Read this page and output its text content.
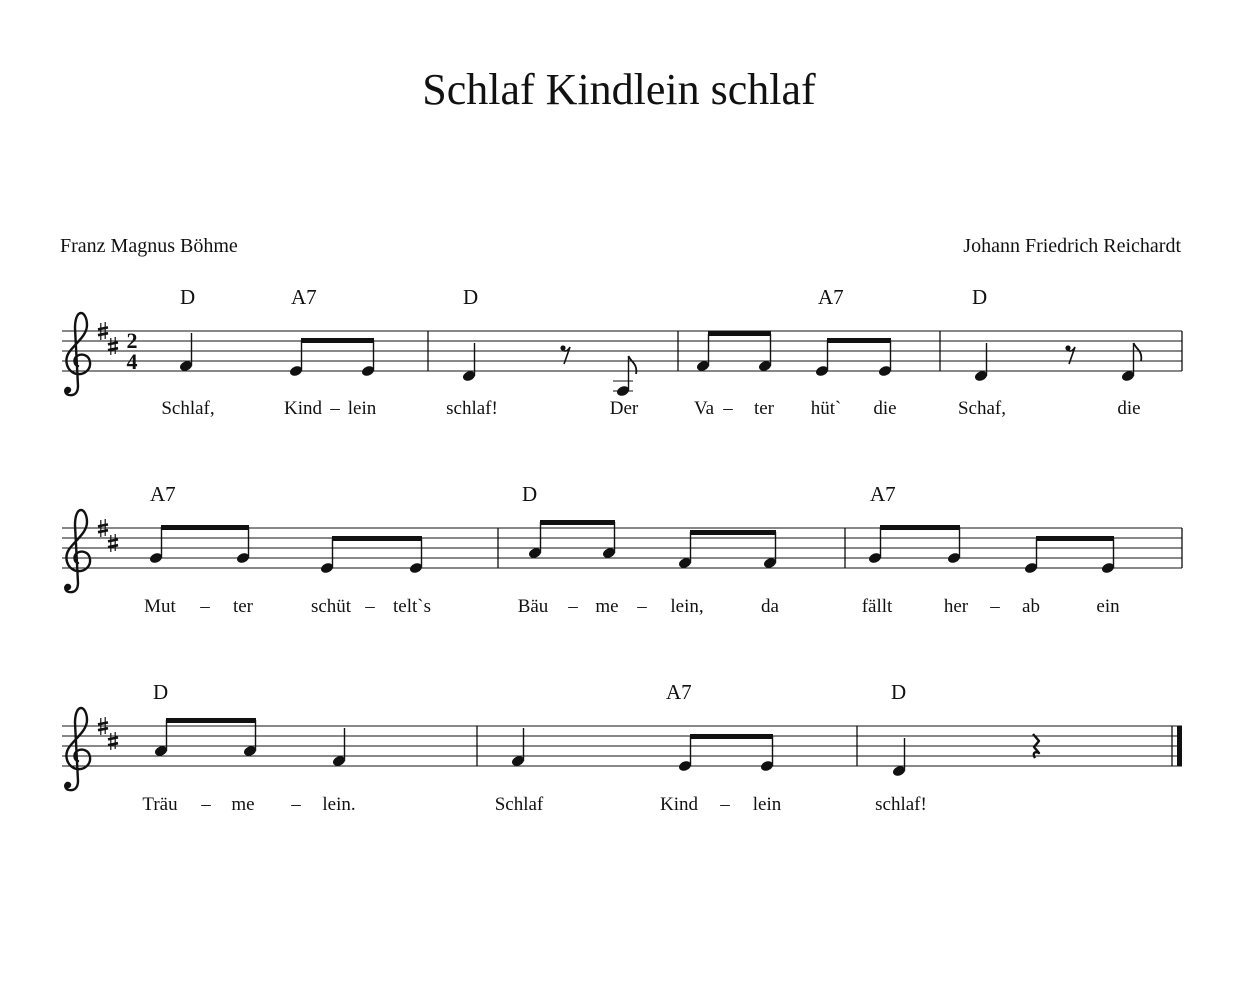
Schlaf Kindlein schlaf
Franz Magnus Böhme	Johann Friedrich Reichardt
2
4
D	A7	D	A7	D
Schlaf,	Kind – lein	schlaf!	Der	Va – ter hüt` die	Schaf,	die
A7	D	A7
Mut – ter	schüt – telt`s	Bäu – me – lein,	da	fällt	her – ab	ein
D	A7	D
Träu – me – lein.	Schlaf	Kind – lein	schlaf!
